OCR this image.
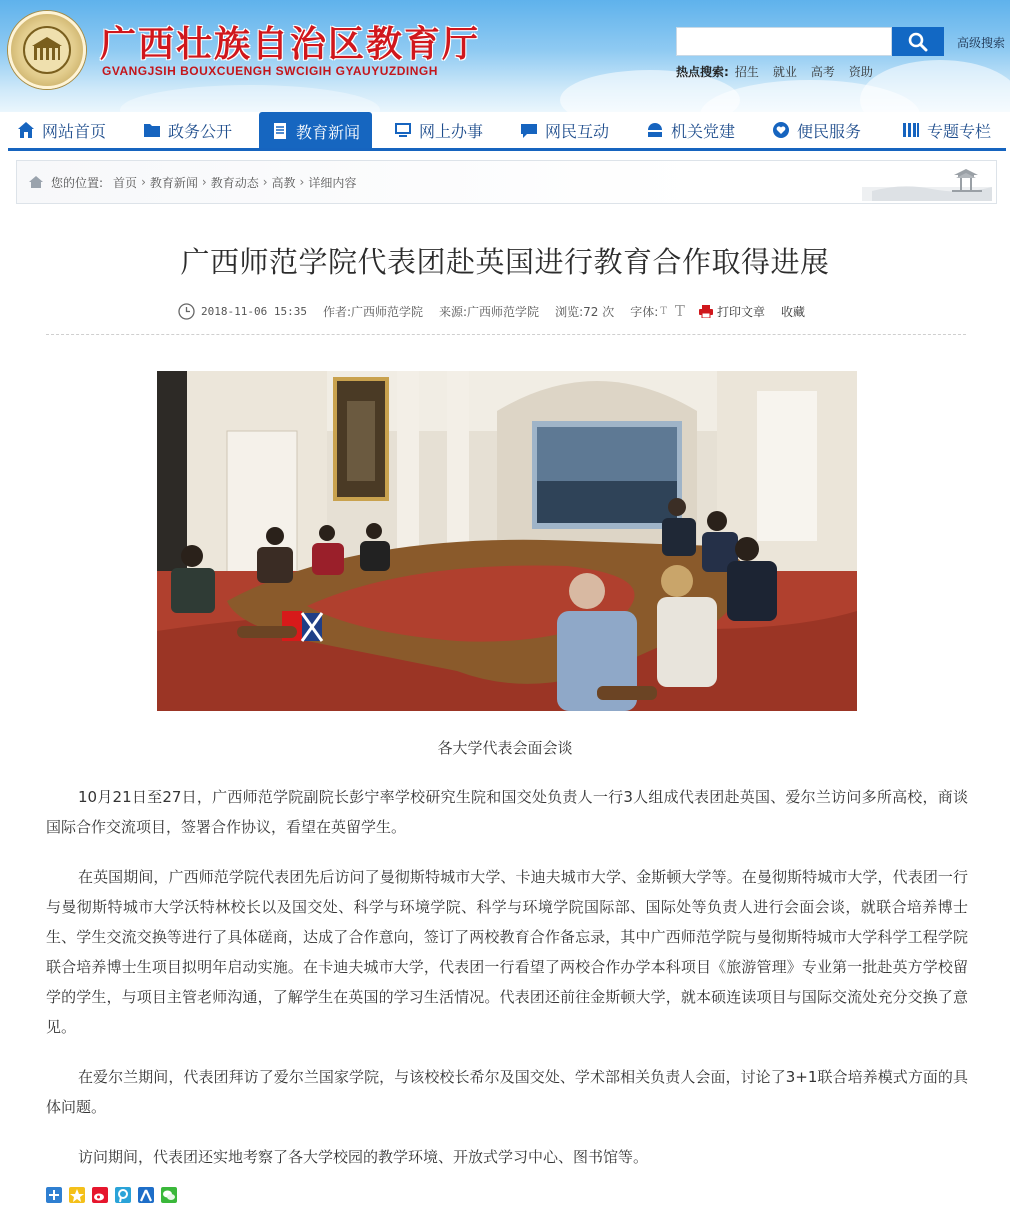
广西壮族自治区教育厅
GVANGJSIH BOUXCUENGH SWCIGIH GYAUYUZDINGH
高级搜索
热点搜索: 招生 就业 高考 资助
网站首页	政务公开	教育新闻	网上办事	网民互动	机关党建	便民服务	专题专栏
您的位置: 首页 › 教育新闻 › 教育动态 › 高教 › 详细内容
广西师范学院代表团赴英国进行教育合作取得进展
2018-11-06 15:35 作者:广西师范学院 来源:广西师范学院 浏览:72 次 字体: T T	打印文章 收藏
各大学代表会面会谈
10月21日至27日，广西师范学院副院长彭宁率学校研究生院和国交处负责人一行3人组成代表团赴英国、爱尔兰访问多所高校，商谈国际合作交流项目，签署合作协议，看望在英留学生。
在英国期间，广西师范学院代表团先后访问了曼彻斯特城市大学、卡迪夫城市大学、金斯顿大学等。在曼彻斯特城市大学，代表团一行与曼彻斯特城市大学沃特林校长以及国交处、科学与环境学院、科学与环境学院国际部、国际处等负责人进行会面会谈，就联合培养博士生、学生交流交换等进行了具体磋商，达成了合作意向，签订了两校教育合作备忘录，其中广西师范学院与曼彻斯特城市大学科学工程学院联合培养博士生项目拟明年启动实施。在卡迪夫城市大学，代表团一行看望了两校合作办学本科项目《旅游管理》专业第一批赴英方学校留学的学生，与项目主管老师沟通，了解学生在英国的学习生活情况。代表团还前往金斯顿大学，就本硕连读项目与国际交流处充分交换了意见。
在爱尔兰期间，代表团拜访了爱尔兰国家学院，与该校校长希尔及国交处、学术部相关负责人会面，讨论了3+1联合培养模式方面的具体问题。
访问期间，代表团还实地考察了各大学校园的教学环境、开放式学习中心、图书馆等。
